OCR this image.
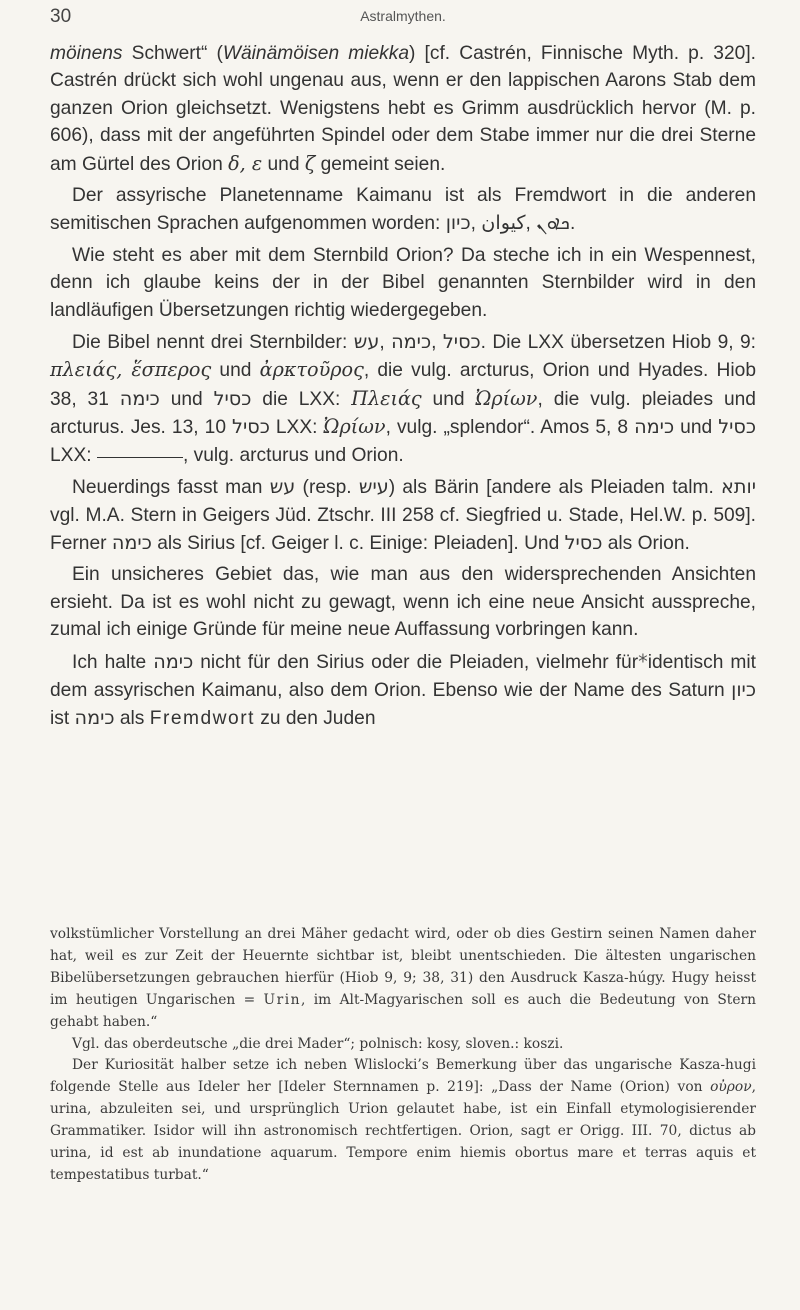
30	Astralmythen.

möinens Schwert“ (Wäinämöisen miekka) [cf. Castrén, Finnische Myth. p. 320]. Castrén drückt sich wohl ungenau aus, wenn er den lappischen Aarons Stab dem ganzen Orion gleichsetzt. Wenigstens hebt es Grimm ausdrücklich hervor (M. p. 606), dass mit der angeführten Spindel oder dem Stabe immer nur die drei Sterne am Gürtel des Orion δ, ε und ζ gemeint seien.

Der assyrische Planetenname Kaimanu ist als Fremdwort in die anderen semitischen Sprachen aufgenommen worden: כיון, كيوان, ܟܐܘܢ.

Wie steht es aber mit dem Sternbild Orion? Da steche ich in ein Wespennest, denn ich glaube keins der in der Bibel genannten Sternbilder wird in den landläufigen Übersetzungen richtig wiedergegeben.

Die Bibel nennt drei Sternbilder: עש, כימה, כסיל. Die LXX übersetzen Hiob 9, 9: πλειάς, ἕσπερος und ἀρκτοῦρος, die vulg. arcturus, Orion und Hyades. Hiob 38, 31 כימה und כסיל die LXX: Πλειάς und Ὠρίων, die vulg. pleiades und arcturus. Jes. 13, 10 כסיל LXX: Ὠρίων, vulg. „splendor“. Amos 5, 8 כימה und כסיל LXX:	, vulg. arcturus und Orion.

Neuerdings fasst man עש (resp. עיש) als Bärin [andere als Pleiaden talm. יותא vgl. M.A. Stern in Geigers Jüd. Ztschr. III 258 cf. Siegfried u. Stade, Hel.W. p. 509]. Ferner כימה als Sirius [cf. Geiger l. c. Einige: Pleiaden]. Und כסיל als Orion.

Ein unsicheres Gebiet das, wie man aus den widersprechenden Ansichten ersieht. Da ist es wohl nicht zu gewagt, wenn ich eine neue Ansicht ausspreche, zumal ich einige Gründe für meine neue Auffassung vorbringen kann.

Ich halte כימה nicht für den Sirius oder die Pleiaden, vielmehr für*identisch mit dem assyrischen Kaimanu, also dem Orion. Ebenso wie der Name des Saturn כיון ist כימה als Fremdwort zu den Juden

volkstümlicher Vorstellung an drei Mäher gedacht wird, oder ob dies Gestirn seinen Namen daher hat, weil es zur Zeit der Heuernte sichtbar ist, bleibt unentschieden. Die ältesten ungarischen Bibelübersetzungen gebrauchen hierfür (Hiob 9, 9; 38, 31) den Ausdruck Kasza-húgy. Hugy heisst im heutigen Ungarischen = Urin, im Alt-Magyarischen soll es auch die Bedeutung von Stern gehabt haben.“

Vgl. das oberdeutsche „die drei Mader“; polnisch: kosy, sloven.: koszi.

Der Kuriosität halber setze ich neben Wlislocki’s Bemerkung über das ungarische Kasza-hugi folgende Stelle aus Ideler her [Ideler Sternnamen p. 219]: „Dass der Name (Orion) von οὐρον, urina, abzuleiten sei, und ursprünglich Urion gelautet habe, ist ein Einfall etymologisierender Grammatiker. Isidor will ihn astronomisch rechtfertigen. Orion, sagt er Origg. III. 70, dictus ab urina, id est ab inundatione aquarum. Tempore enim hiemis obortus mare et terras aquis et tempestatibus turbat.“
